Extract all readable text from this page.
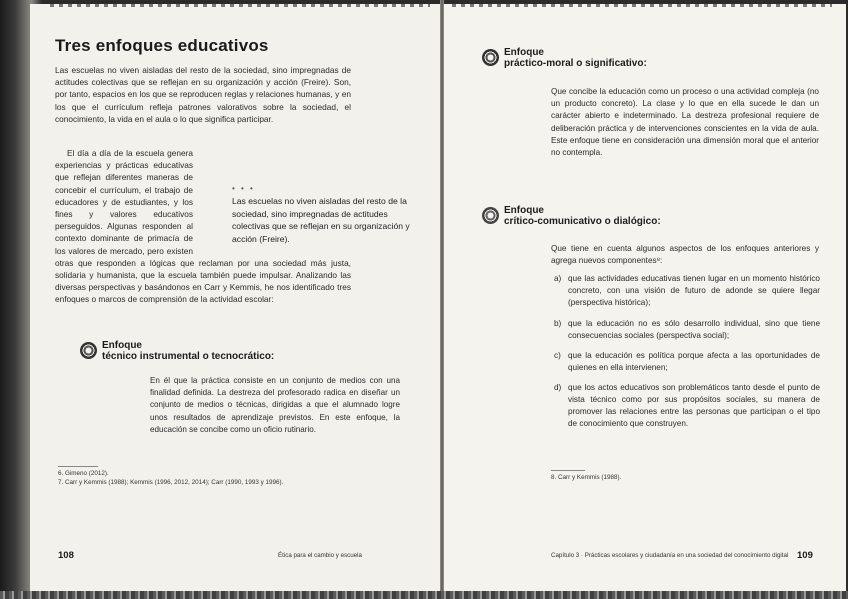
Tres enfoques educativos
Las escuelas no viven aisladas del resto de la sociedad, sino impregnadas de actitudes colectivas que se reflejan en su organización y acción (Freire). Son, por tanto, espacios en los que se reproducen reglas y relaciones humanas, y en los que el currículum refleja patrones valorativos sobre la sociedad, el conocimiento, la vida en el aula o lo que significa participar.
El día a día de la escuela genera experiencias y prácticas educativas que reflejan diferentes maneras de concebir el currículum, el trabajo de educadores y de estudiantes, y los fines y valores educativos perseguidos. Algunas responden al contexto dominante de primacía de los valores de mercado, pero existen otras que responden a lógicas que reclaman por una sociedad más justa, solidaria y humanista, que la escuela también puede impulsar. Analizando las diversas perspectivas y basándonos en Carr y Kemmis, he nos identificado tres enfoques o marcos de comprensión de la actividad escolar:
• • •
Las escuelas no viven aisladas del resto de la sociedad, sino impregnadas de actitudes colectivas que se reflejan en su organización y acción (Freire).
Enfoque
técnico instrumental o tecnocrático:
En él que la práctica consiste en un conjunto de medios con una finalidad definida. La destreza del profesorado radica en diseñar un conjunto de medios o técnicas, dirigidas a que el alumnado logre unos resultados de aprendizaje previstos. En este enfoque, la educación se concibe como un oficio rutinario.
6. Gimeno (2012).
7. Carr y Kemmis (1988); Kemmis (1996, 2012, 2014); Carr (1990, 1993 y 1996).
108	Ética para el cambio y escuela
Enfoque
práctico-moral o significativo:
Que concibe la educación como un proceso o una actividad compleja (no un producto concreto). La clase y lo que en ella sucede le dan un carácter abierto e indeterminado. La destreza profesional requiere de deliberación práctica y de intervenciones conscientes en la vida de aula. Este enfoque tiene en consideración una dimensión moral que el anterior no contempla.
Enfoque
crítico-comunicativo o dialógico:
Que tiene en cuenta algunos aspectos de los enfoques anteriores y agrega nuevos componentes⁸:
a) que las actividades educativas tienen lugar en un momento histórico concreto, con una visión de futuro de adonde se quiere llegar (perspectiva histórica);
b) que la educación no es sólo desarrollo individual, sino que tiene consecuencias sociales (perspectiva social);
c) que la educación es política porque afecta a las oportunidades de quienes en ella intervienen;
d) que los actos educativos son problemáticos tanto desde el punto de vista técnico como por sus propósitos sociales, su manera de promover las relaciones entre las personas que participan o el tipo de conocimiento que construyen.
8. Carr y Kemmis (1988).
Capítulo 3 · Prácticas escolares y ciudadanía en una sociedad del conocimiento digital 109
